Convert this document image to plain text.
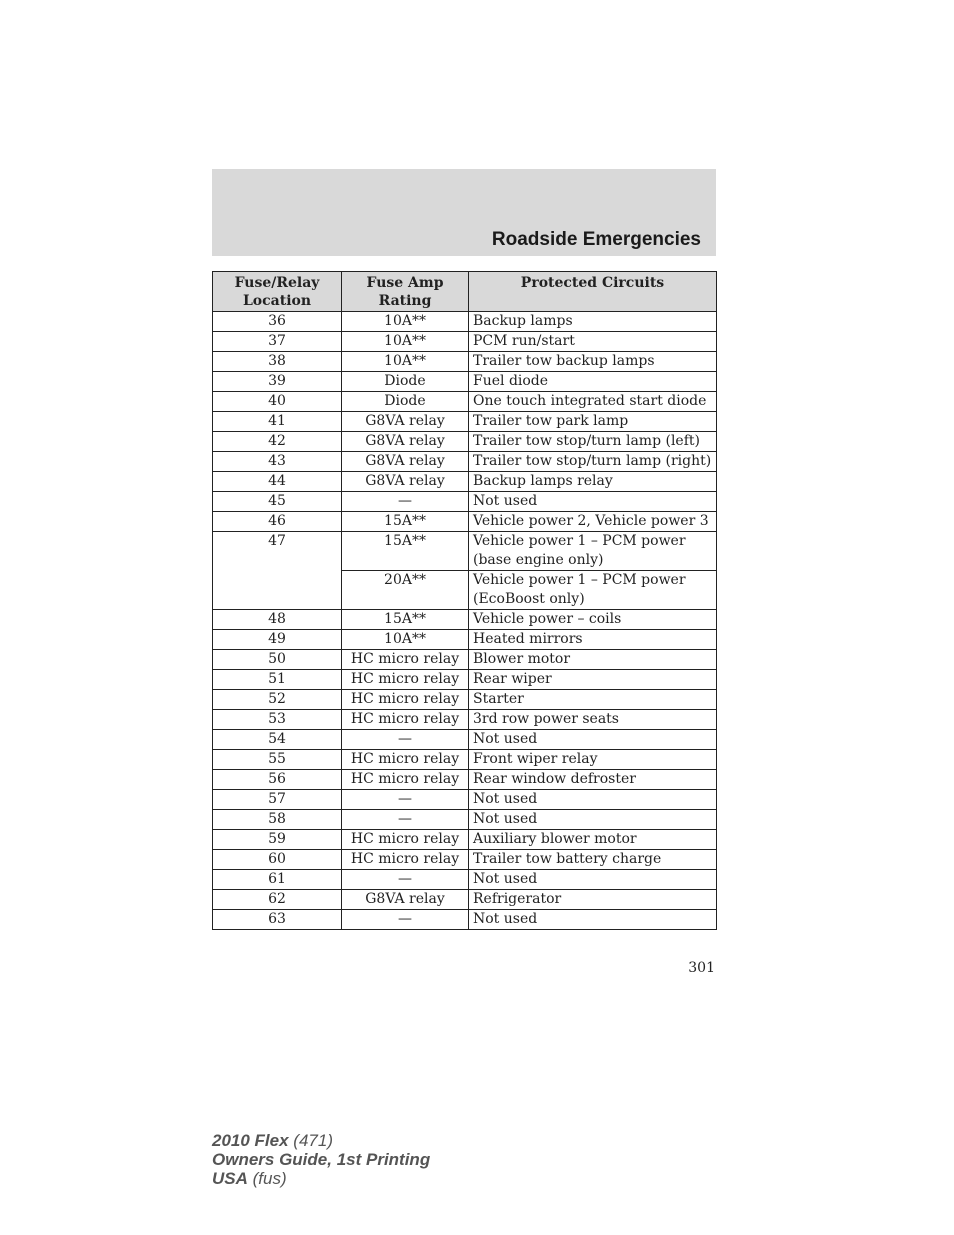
Roadside Emergencies
Fuse/Relay Location	Fuse Amp Rating	Protected Circuits
36	10A**	Backup lamps
37	10A**	PCM run/start
38	10A**	Trailer tow backup lamps
39	Diode	Fuel diode
40	Diode	One touch integrated start diode
41	G8VA relay	Trailer tow park lamp
42	G8VA relay	Trailer tow stop/turn lamp (left)
43	G8VA relay	Trailer tow stop/turn lamp (right)
44	G8VA relay	Backup lamps relay
45	—	Not used
46	15A**	Vehicle power 2, Vehicle power 3
47	15A**	Vehicle power 1 – PCM power (base engine only)
	20A**	Vehicle power 1 – PCM power (EcoBoost only)
48	15A**	Vehicle power – coils
49	10A**	Heated mirrors
50	HC micro relay	Blower motor
51	HC micro relay	Rear wiper
52	HC micro relay	Starter
53	HC micro relay	3rd row power seats
54	—	Not used
55	HC micro relay	Front wiper relay
56	HC micro relay	Rear window defroster
57	—	Not used
58	—	Not used
59	HC micro relay	Auxiliary blower motor
60	HC micro relay	Trailer tow battery charge
61	—	Not used
62	G8VA relay	Refrigerator
63	—	Not used
301
2010 Flex (471)
Owners Guide, 1st Printing
USA (fus)
